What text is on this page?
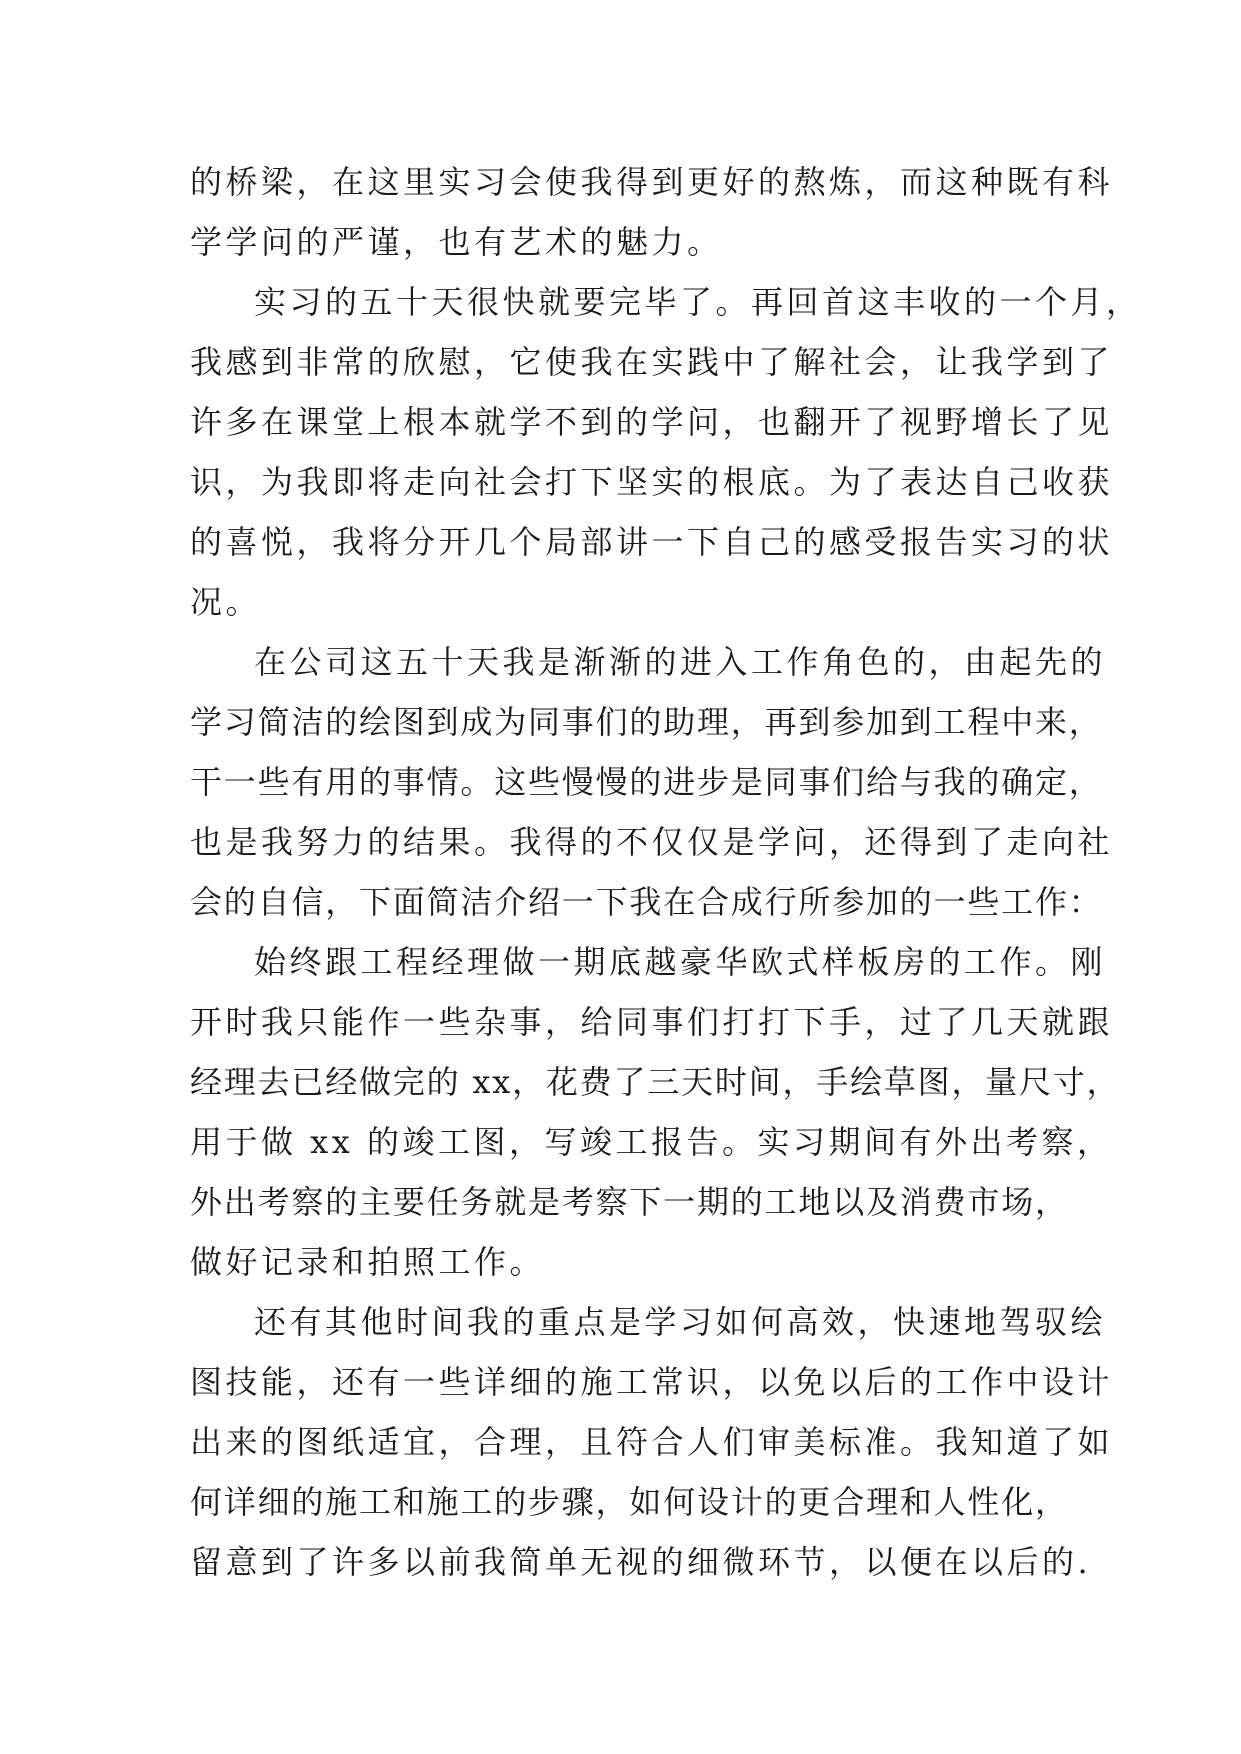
的桥梁，在这里实习会使我得到更好的熬炼，而这种既有科
学学问的严谨，也有艺术的魅力。
实习的五十天很快就要完毕了。再回首这丰收的一个月，
我感到非常的欣慰，它使我在实践中了解社会，让我学到了
许多在课堂上根本就学不到的学问，也翻开了视野增长了见
识，为我即将走向社会打下坚实的根底。为了表达自己收获
的喜悦，我将分开几个局部讲一下自己的感受报告实习的状
况。
在公司这五十天我是渐渐的进入工作角色的，由起先的
学习简洁的绘图到成为同事们的助理，再到参加到工程中来，
干一些有用的事情。这些慢慢的进步是同事们给与我的确定，
也是我努力的结果。我得的不仅仅是学问，还得到了走向社
会的自信，下面简洁介绍一下我在合成行所参加的一些工作：
始终跟工程经理做一期底越豪华欧式样板房的工作。刚
开时我只能作一些杂事，给同事们打打下手，过了几天就跟
经理去已经做完的 xx，花费了三天时间，手绘草图，量尺寸，
用于做 xx 的竣工图，写竣工报告。实习期间有外出考察，
外出考察的主要任务就是考察下一期的工地以及消费市场，
做好记录和拍照工作。
还有其他时间我的重点是学习如何高效，快速地驾驭绘
图技能，还有一些详细的施工常识，以免以后的工作中设计
出来的图纸适宜，合理，且符合人们审美标准。我知道了如
何详细的施工和施工的步骤，如何设计的更合理和人性化，
留意到了许多以前我简单无视的细微环节，以便在以后的.
